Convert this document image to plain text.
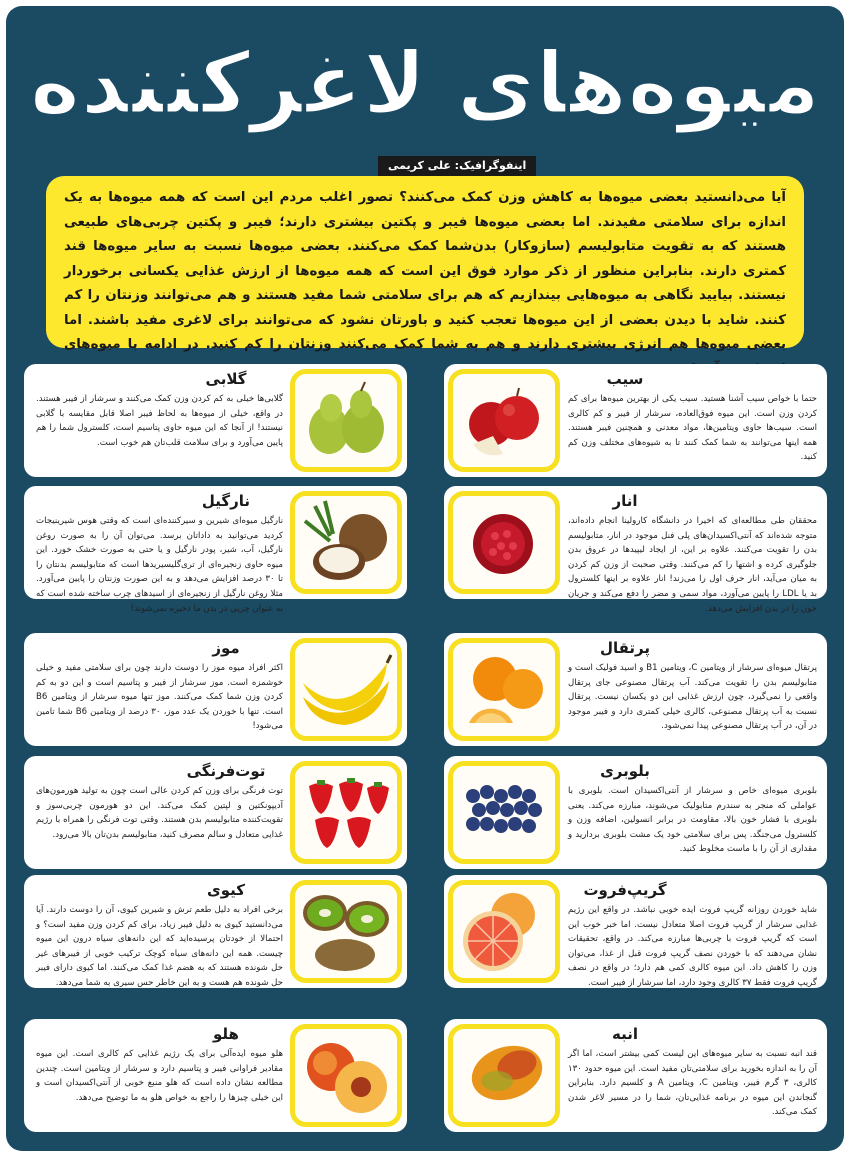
میوه‌های لاغرکننده
اینفوگرافیک: علی کریمی
آیا می‌دانستید بعضی میوه‌ها به کاهش وزن کمک می‌کنند؟ تصور اغلب مردم این است که همه میوه‌ها به یک اندازه برای سلامتی مفیدند. اما بعضی میوه‌ها فیبر و پکتین بیشتری دارند؛ فیبر و پکتین چربی‌های طبیعی هستند که به تقویت متابولیسم (سازوکار) بدن‌شما کمک می‌کنند. بعضی میوه‌ها نسبت به سایر میوه‌ها قند کمتری دارند. بنابراین منظور از ذکر موارد فوق این است که همه میوه‌ها از ارزش غذایی یکسانی برخوردار نیستند. بیایید نگاهی به میوه‌هایی بیندازیم که هم برای سلامتی شما مفید هستند و هم می‌توانند وزنتان را کم کنند. شاید با دیدن بعضی از این میوه‌ها تعجب کنید و باورتان نشود که می‌توانند برای لاغری مفید باشند. اما بعضی میوه‌ها هم انرژی بیشتری دارند و هم به شما کمک می‌کنند وزنتان را کم کنید. در ادامه با میوه‌های
سیب
حتما با خواص سیب آشنا هستید. سیب یکی از بهترین میوه‌ها برای کم کردن وزن است. این میوه فوق‌العاده، سرشار از فیبر و کم کالری است. سیب‌ها حاوی ویتامین‌ها، مواد معدنی و همچنین فیبر هستند. همه اینها می‌توانند به شما کمک کنند تا به شیوه‌های مختلف وزن کم کنید.
گلابی
گلابی‌ها خیلی به کم کردن وزن کمک می‌کنند و سرشار از فیبر هستند. در واقع، خیلی از میوه‌ها به لحاظ فیبر اصلا قابل مقایسه با گلابی نیستند! از آنجا که این میوه حاوی پتاسیم است، کلسترول شما را هم پایین می‌آورد و برای سلامت قلب‌تان هم خوب است.
انار
محققان طی مطالعه‌ای که اخیرا در دانشگاه کارولینا انجام داده‌اند، متوجه شده‌اند که آنتی‌اکسیدان‌های پلی فنل موجود در انار، متابولیسم بدن را تقویت می‌کنند. علاوه بر این، از ایجاد لیپیدها در عروق بدن جلوگیری کرده و اشتها را کم می‌کنند. وقتی صحبت از وزن کم کردن به میان می‌آید، انار حرف اول را می‌زند! انار علاوه بر اینها کلسترول بد یا LDL را پایین می‌آورد، مواد سمی و مضر را دفع می‌کند و جریان خون را در بدن افزایش می‌دهد.
نارگیل
نارگیل میوه‌ای شیرین و سیرکننده‌ای است که وقتی هوس شیرینیجات کردید می‌توانید به داداتان برسد. می‌توان آن را به صورت روغن نارگیل، آب، شیر، پودر نارگیل و یا حتی به صورت خشک خورد. این میوه حاوی زنجیره‌ای از تری‌گلیسیرید‌ها است که متابولیسم بدنتان را تا ۳۰ درصد افزایش می‌دهد و به این صورت وزنتان را پایین می‌آورد. مثلا روغن نارگیل از زنجیره‌ای از اسیدهای چرب ساخته شده است که به عنوان چربی در بدن ما ذخیره نمی‌شوند!
پرتقال
پرتقال میوه‌ای سرشار از ویتامین C، ویتامین B1 و اسید فولیک است و متابولیسم بدن را تقویت می‌کند. آب پرتقال مصنوعی جای پرتقال واقعی را نمی‌گیرد، چون ارزش غذایی این دو یکسان نیست. پرتقال نسبت به آب پرتقال مصنوعی، کالری خیلی کمتری دارد و فیبر موجود در آن، در آب پرتقال مصنوعی پیدا نمی‌شود.
موز
اکثر افراد میوه موز را دوست دارند چون برای سلامتی مفید و خیلی خوشمزه است. موز سرشار از فیبر و پتاسیم است و این دو به کم کردن وزن شما کمک می‌کنند. موز تنها میوه سرشار از ویتامین B6 است. تنها با خوردن یک عدد موز، ۳۰ درصد از ویتامین B6 شما تامین می‌شود!
بلوبری
بلوبری میوه‌ای خاص و سرشار از آنتی‌اکسیدان است. بلوبری با عواملی که منجر به سندرم متابولیک می‌شوند، مبارزه می‌کند. یعنی بلوبری با فشار خون بالا، مقاومت در برابر انسولین، اضافه وزن و کلسترول می‌جنگد. پس برای سلامتی خود یک مشت بلوبری بردارید و مقداری از آن را با ماست مخلوط کنید.
توت‌فرنگی
توت فرنگی برای وزن کم کردن عالی است چون به تولید هورمون‌های آدیپونکتین و لپتین کمک می‌کند. این دو هورمون چربی‌سوز و تقویت‌کننده متابولیسم بدن هستند. وقتی توت فرنگی را همراه با رژیم غذایی متعادل و سالم مصرف کنید، متابولیسم بدن‌تان بالا می‌رود.
گریپ‌فروت
شاید خوردن روزانه گریپ فروت ایده خوبی نباشد. در واقع این رژیم غذایی سرشار از گریپ فروت اصلا متعادل نیست. اما خبر خوب این است که گریپ فروت با چربی‌ها مبارزه می‌کند. در واقع، تحقیقات نشان می‌دهند که با خوردن نصف گریپ فروت قبل از غذا، می‌توان وزن را کاهش داد. این میوه کالری کمی هم دارد؛ در واقع در نصف گریپ فروت فقط ۳۷ کالری وجود دارد، اما سرشار از فیبر است.
کیوی
برخی افراد به دلیل طعم ترش و شیرین کیوی، آن را دوست دارند. آیا می‌دانستید کیوی به دلیل فیبر زیاد، برای کم کردن وزن مفید است؟ و احتمالا از خودتان پرسیده‌اید که این دانه‌های سیاه درون این میوه چیست. همه این دانه‌های سیاه کوچک ترکیب خوبی از فیبرهای غیر حل شونده هستند که به هضم غذا کمک می‌کنند. اما کیوی دارای فیبر حل شونده هم هست و به این خاطر حس سیری به شما می‌دهد.
انبه
قند انبه نسبت به سایر میوه‌های این لیست کمی بیشتر است، اما اگر آن را به اندازه بخورید برای سلامتی‌تان مفید است. این میوه حدود ۱۳۰ کالری، ۳ گرم فیبر، ویتامین C، ویتامین A و کلسیم دارد. بنابراین گنجاندن این میوه در برنامه غذایی‌تان، شما را در مسیر لاغر شدن کمک می‌کند.
هلو
هلو میوه ایده‌آلی برای یک رژیم غذایی کم کالری است. این میوه مقادیر فراوانی فیبر و پتاسیم دارد و سرشار از ویتامین است. چندین مطالعه نشان داده است که هلو منبع خوبی از آنتی‌اکسیدان است و این خیلی چیزها را راجع به خواص هلو به ما توضیح می‌دهد.
